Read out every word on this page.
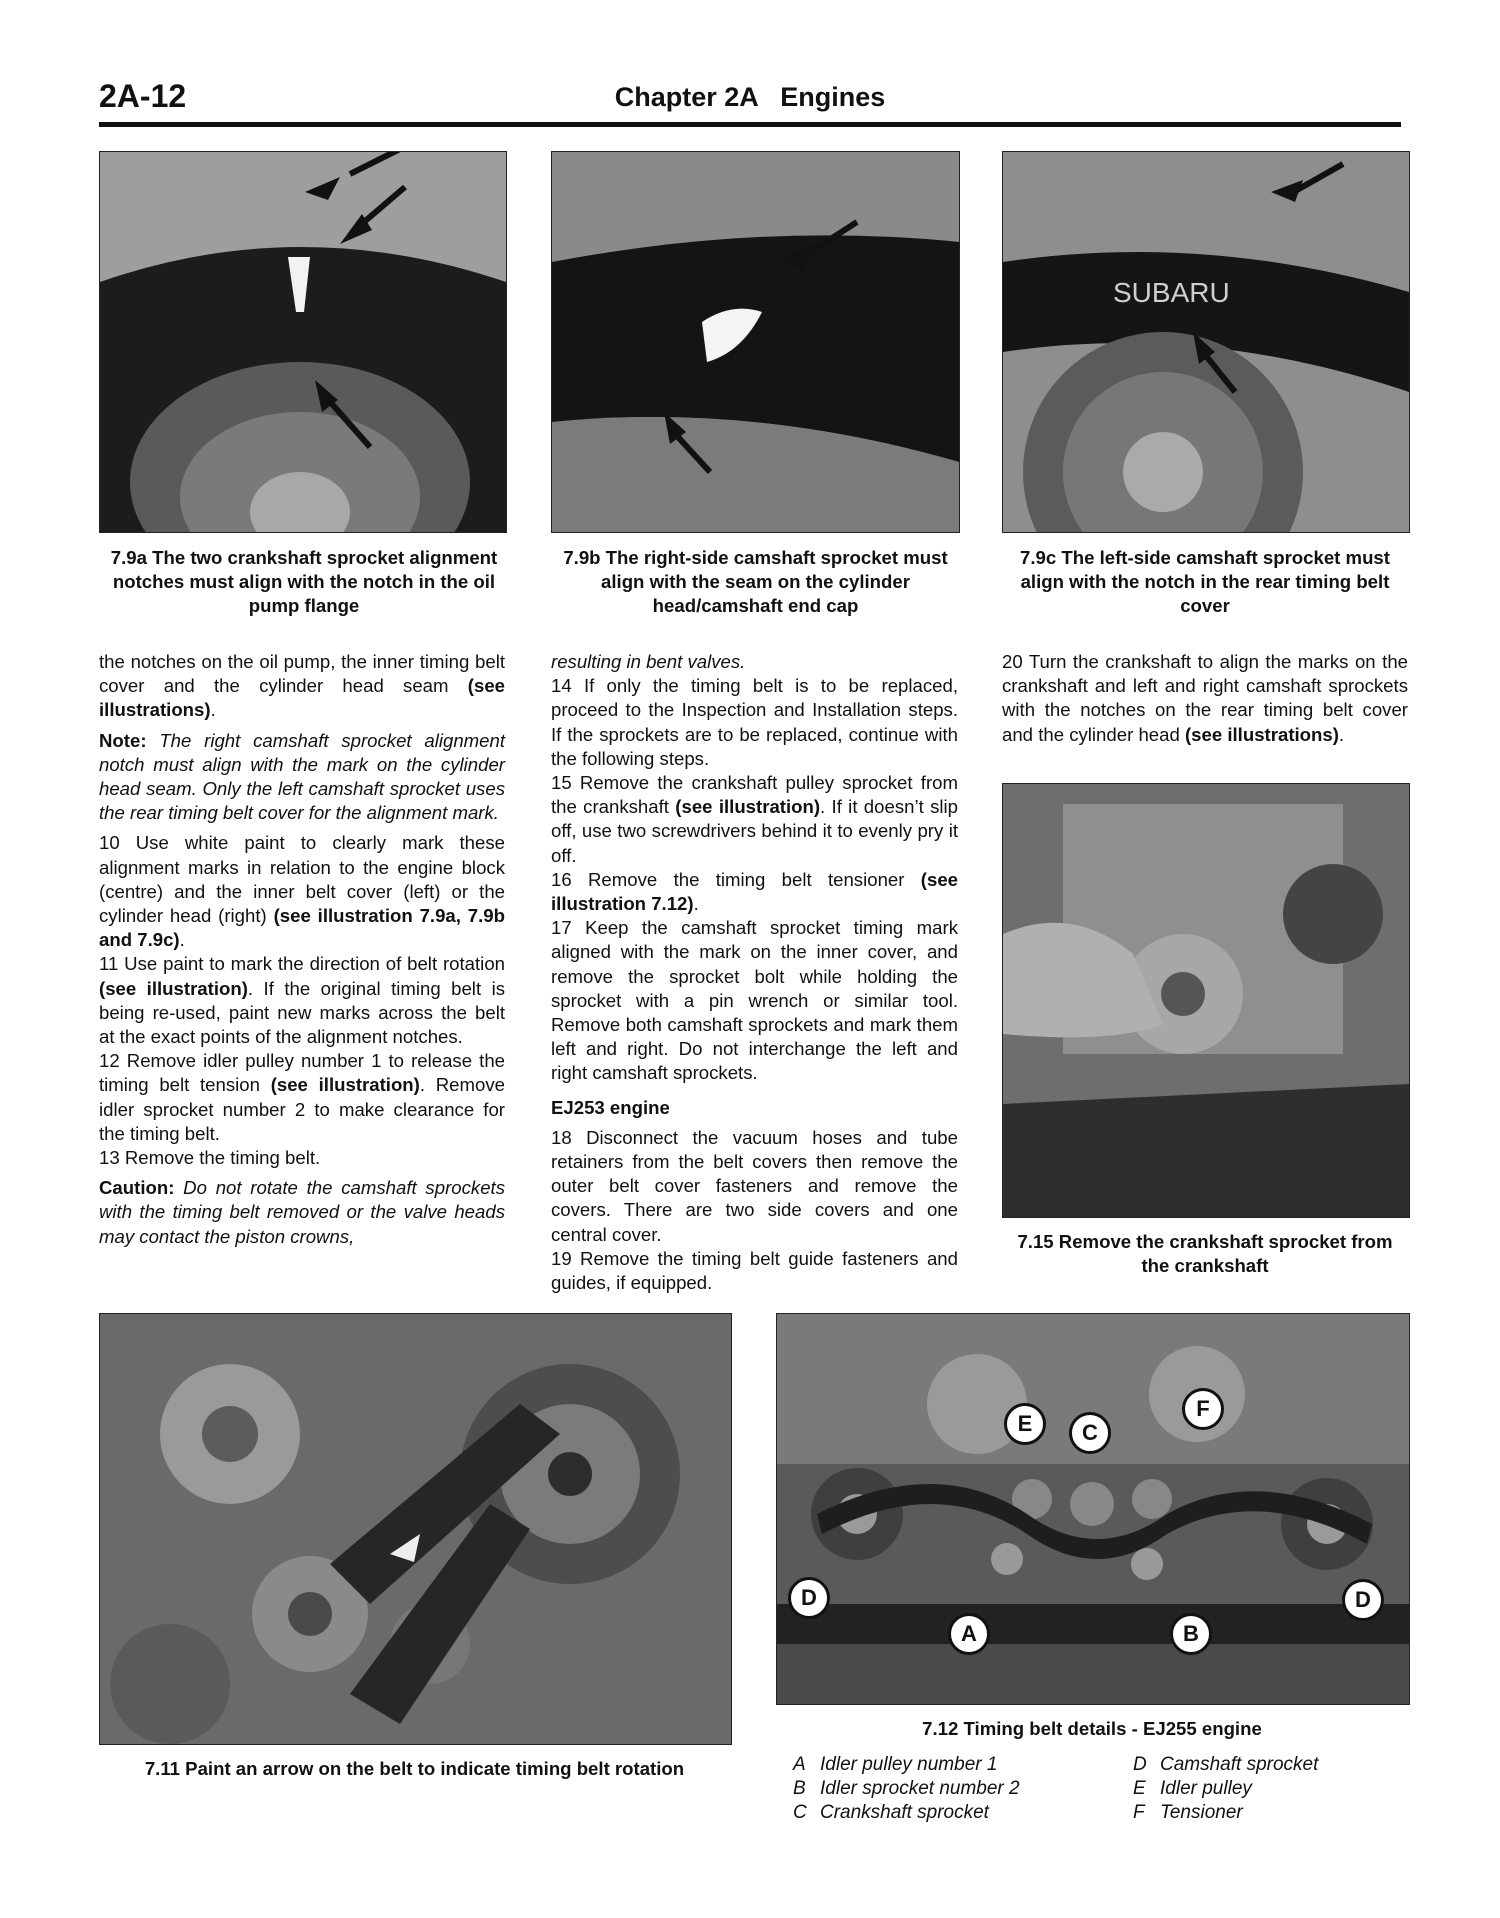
2A-12	Chapter 2A   Engines
7.9a The two crankshaft sprocket alignment notches must align with the notch in the oil pump flange
7.9b The right-side camshaft sprocket must align with the seam on the cylinder head/camshaft end cap
SUBARU
7.9c The left-side camshaft sprocket must align with the notch in the rear timing belt cover

the notches on the oil pump, the inner timing belt cover and the cylinder head seam (see illustrations).

Note: The right camshaft sprocket alignment notch must align with the mark on the cylinder head seam. Only the left camshaft sprocket uses the rear timing belt cover for the alignment mark.

10 Use white paint to clearly mark these alignment marks in relation to the engine block (centre) and the inner belt cover (left) or the cylinder head (right) (see illustration 7.9a, 7.9b and 7.9c).

11 Use paint to mark the direction of belt rotation (see illustration). If the original timing belt is being re-used, paint new marks across the belt at the exact points of the alignment notches.

12 Remove idler pulley number 1 to release the timing belt tension (see illustration). Remove idler sprocket number 2 to make clearance for the timing belt.

13 Remove the timing belt.

Caution: Do not rotate the camshaft sprockets with the timing belt removed or the valve heads may contact the piston crowns,

resulting in bent valves.

14 If only the timing belt is to be replaced, proceed to the Inspection and Installation steps. If the sprockets are to be replaced, continue with the following steps.

15 Remove the crankshaft pulley sprocket from the crankshaft (see illustration). If it doesn’t slip off, use two screwdrivers behind it to evenly pry it off.

16 Remove the timing belt tensioner (see illustration 7.12).

17 Keep the camshaft sprocket timing mark aligned with the mark on the inner cover, and remove the sprocket bolt while holding the sprocket with a pin wrench or similar tool. Remove both camshaft sprockets and mark them left and right. Do not interchange the left and right camshaft sprockets.

EJ253 engine

18 Disconnect the vacuum hoses and tube retainers from the belt covers then remove the outer belt cover fasteners and remove the covers. There are two side covers and one central cover.

19 Remove the timing belt guide fasteners and guides, if equipped.

20 Turn the crankshaft to align the marks on the crankshaft and left and right camshaft sprockets with the notches on the rear timing belt cover and the cylinder head (see illustrations).

7.15 Remove the crankshaft sprocket from the crankshaft
7.11 Paint an arrow on the belt to indicate timing belt rotation
E	C
F
D
A	B
D
7.12 Timing belt details - EJ255 engine
A Idler pulley number 1
B Idler sprocket number 2
C Crankshaft sprocket
D Camshaft sprocket
E Idler pulley
F Tensioner
